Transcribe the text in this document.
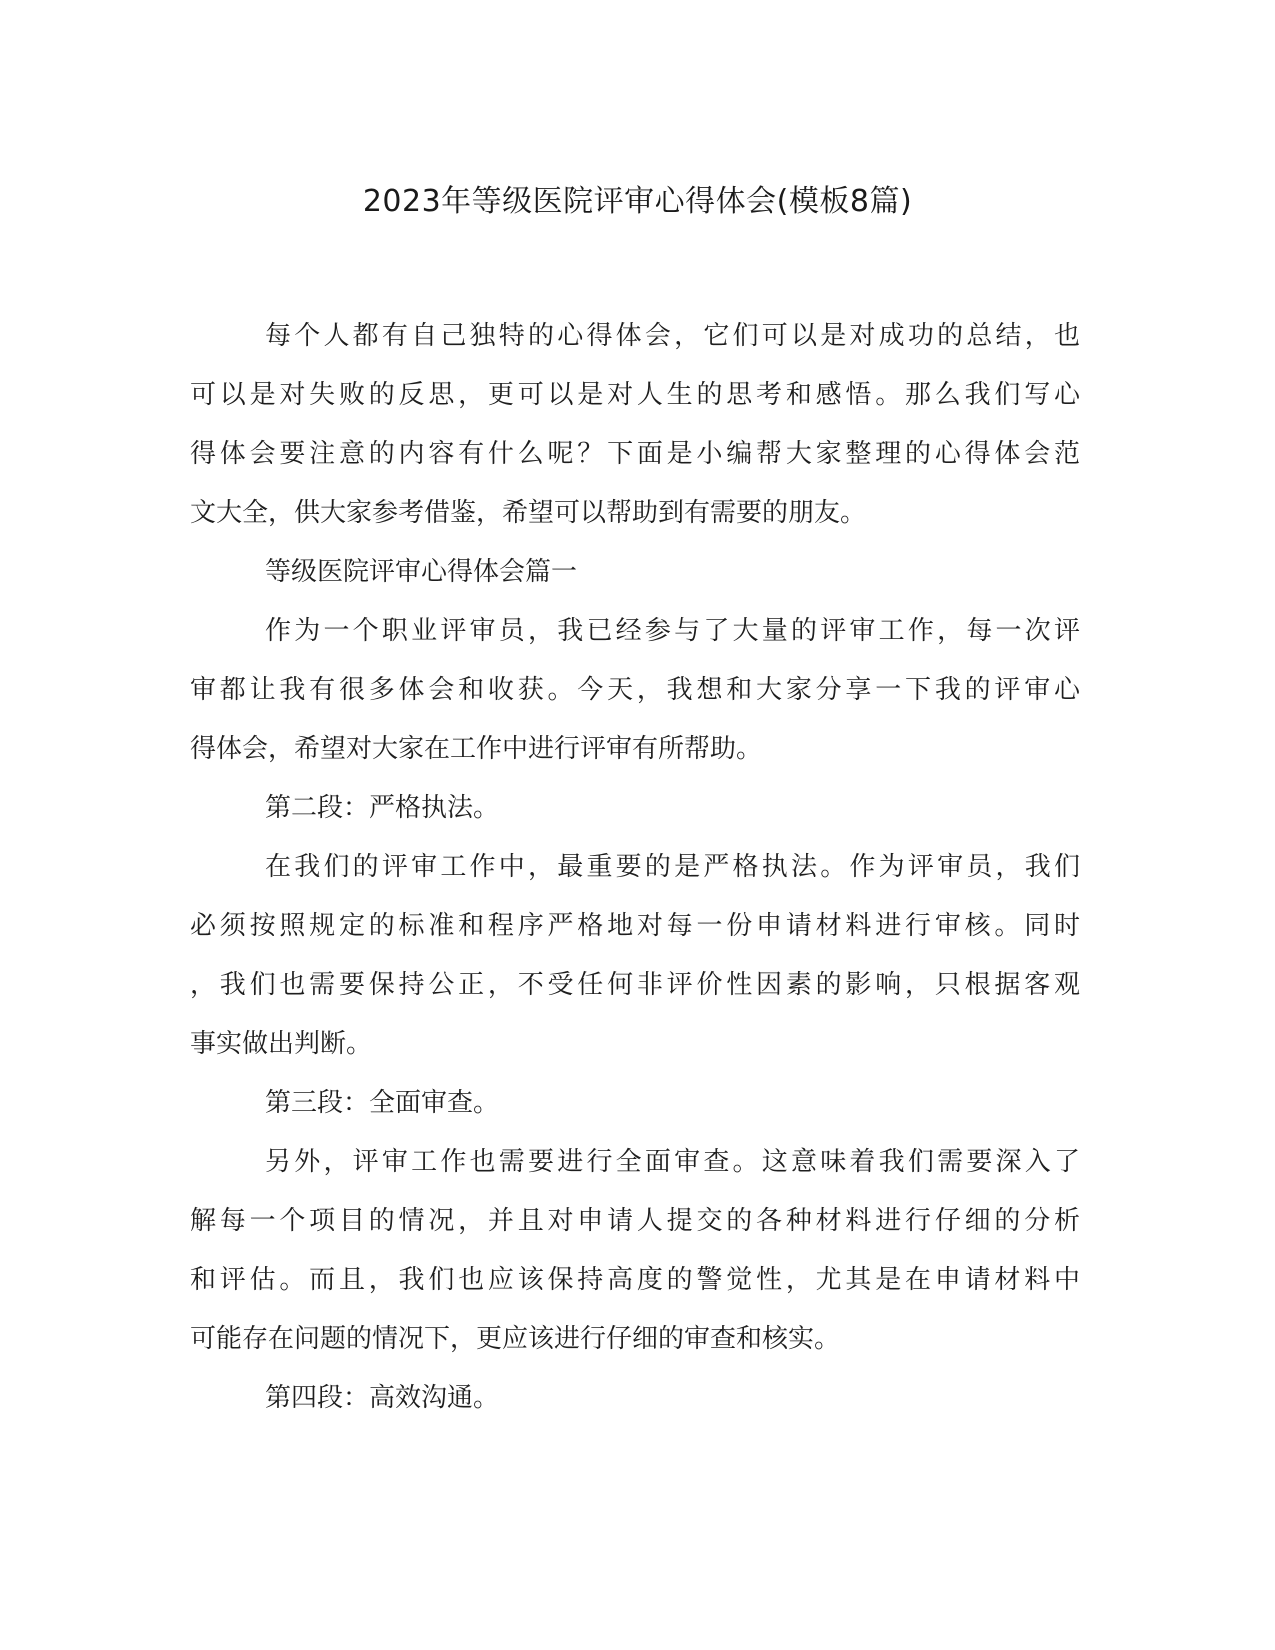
2023年等级医院评审心得体会(模板8篇)
每个人都有自己独特的心得体会，它们可以是对成功的总结，也
可以是对失败的反思，更可以是对人生的思考和感悟。那么我们写心
得体会要注意的内容有什么呢？下面是小编帮大家整理的心得体会范
文大全，供大家参考借鉴，希望可以帮助到有需要的朋友。
等级医院评审心得体会篇一
作为一个职业评审员，我已经参与了大量的评审工作，每一次评
审都让我有很多体会和收获。今天，我想和大家分享一下我的评审心
得体会，希望对大家在工作中进行评审有所帮助。
第二段：严格执法。
在我们的评审工作中，最重要的是严格执法。作为评审员，我们
必须按照规定的标准和程序严格地对每一份申请材料进行审核。同时
，我们也需要保持公正，不受任何非评价性因素的影响，只根据客观
事实做出判断。
第三段：全面审查。
另外，评审工作也需要进行全面审查。这意味着我们需要深入了
解每一个项目的情况，并且对申请人提交的各种材料进行仔细的分析
和评估。而且，我们也应该保持高度的警觉性，尤其是在申请材料中
可能存在问题的情况下，更应该进行仔细的审查和核实。
第四段：高效沟通。
